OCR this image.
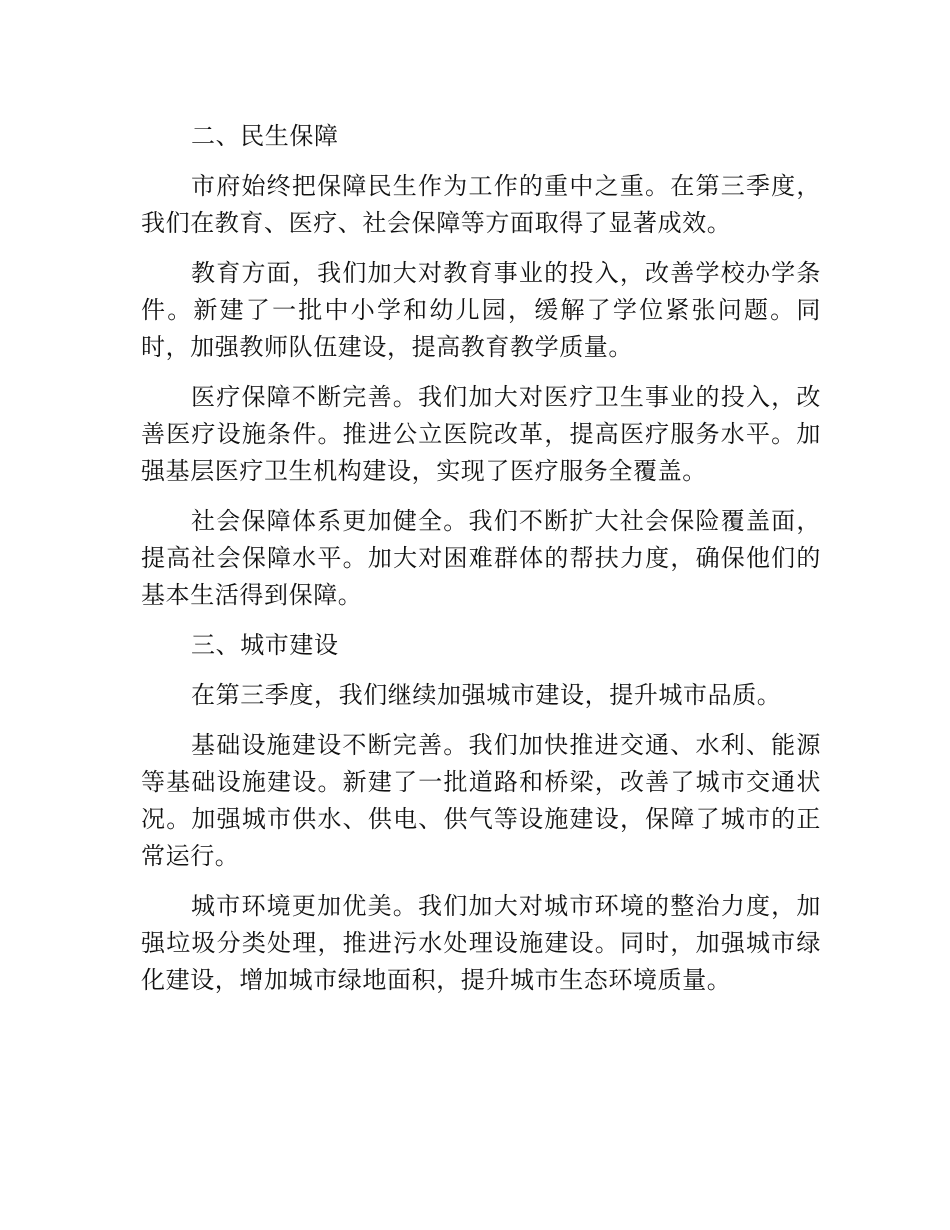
二、民生保障

市府始终把保障民生作为工作的重中之重。在第三季度，我们在教育、医疗、社会保障等方面取得了显著成效。

教育方面，我们加大对教育事业的投入，改善学校办学条件。新建了一批中小学和幼儿园，缓解了学位紧张问题。同时，加强教师队伍建设，提高教育教学质量。

医疗保障不断完善。我们加大对医疗卫生事业的投入，改善医疗设施条件。推进公立医院改革，提高医疗服务水平。加强基层医疗卫生机构建设，实现了医疗服务全覆盖。

社会保障体系更加健全。我们不断扩大社会保险覆盖面，提高社会保障水平。加大对困难群体的帮扶力度，确保他们的基本生活得到保障。

三、城市建设

在第三季度，我们继续加强城市建设，提升城市品质。

基础设施建设不断完善。我们加快推进交通、水利、能源等基础设施建设。新建了一批道路和桥梁，改善了城市交通状况。加强城市供水、供电、供气等设施建设，保障了城市的正常运行。

城市环境更加优美。我们加大对城市环境的整治力度，加强垃圾分类处理，推进污水处理设施建设。同时，加强城市绿化建设，增加城市绿地面积，提升城市生态环境质量。
